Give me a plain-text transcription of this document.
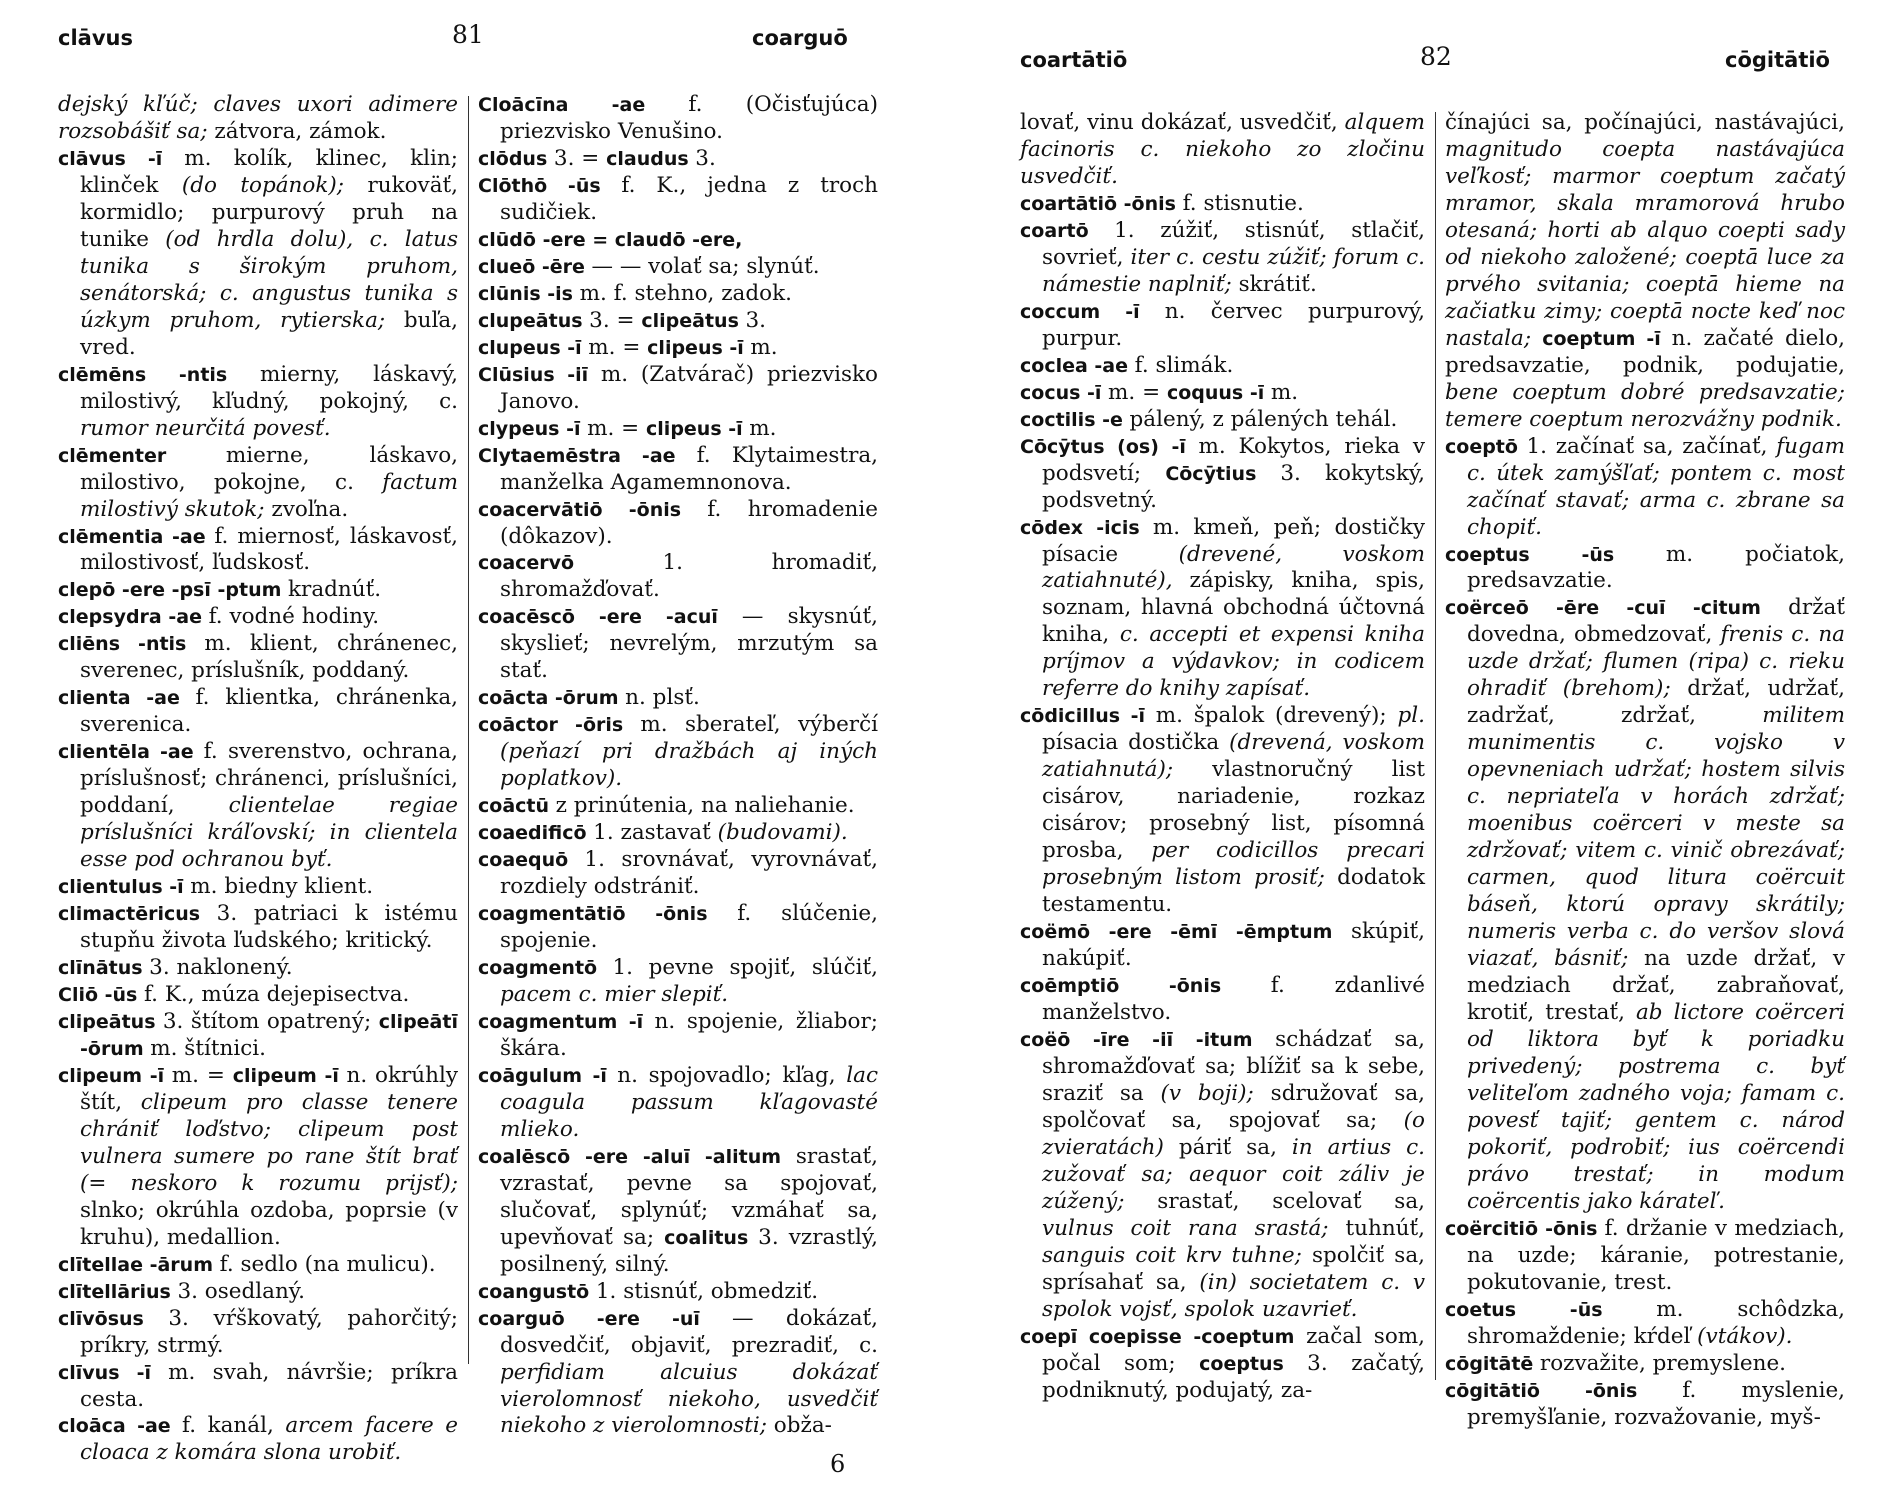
clāvus	81	coarguō

dejský kľúč; claves uxori adimere rozsobášiť sa; zátvora, zámok.

clāvus -ī m. kolík, klinec, klin; klinček (do topánok); rukoväť, kormidlo; purpurový pruh na tunike (od hrdla dolu), c. latus tunika s širokým pruhom, senátorská; c. angustus tunika s úzkym pruhom, rytierska; buľa, vred.

clēmēns -ntis mierny, láskavý, milostivý, kľudný, pokojný, c. rumor neurčitá povesť.

clēmenter mierne, láskavo, milostivo, pokojne, c. factum milostivý skutok; zvoľna.

clēmentia -ae f. miernosť, láskavosť, milostivosť, ľudskosť.

clepō -ere -psī -ptum kradnúť.

clepsydra -ae f. vodné hodiny.

cliēns -ntis m. klient, chránenec, sverenec, príslušník, poddaný.

clienta -ae f. klientka, chránenka, sverenica.

clientēla -ae f. sverenstvo, ochrana, príslušnosť; chránenci, príslušníci, poddaní, clientelae regiae príslušníci kráľovskí; in clientela esse pod ochranou byť.

clientulus -ī m. biedny klient.

climactēricus 3. patriaci k istému stupňu života ľudského; kritický.

clīnātus 3. naklonený.

Cliō -ūs f. K., múza dejepisectva.

clipeātus 3. štítom opatrený; clipeātī -ōrum m. štítnici.

clipeum -ī m. = clipeum -ī n. okrúhly štít, clipeum pro classe tenere chrániť loďstvo; clipeum post vulnera sumere po rane štít brať (= neskoro k rozumu prijsť); slnko; okrúhla ozdoba, poprsie (v kruhu), medallion.

clītellae -ārum f. sedlo (na mulicu).

clītellārius 3. osedlaný.

clīvōsus 3. vŕškovatý, pahorčitý; príkry, strmý.

clīvus -ī m. svah, návršie; príkra cesta.

cloāca -ae f. kanál, arcem facere e cloaca z komára slona urobiť.

Cloācīna -ae f. (Očisťujúca) priezvisko Venušino.

clōdus 3. = claudus 3.

Clōthō -ūs f. K., jedna z troch sudičiek.

clūdō -ere = claudō -ere,

clueō -ēre — — volať sa; slynúť.

clūnis -is m. f. stehno, zadok.

clupeātus 3. = clipeātus 3.

clupeus -ī m. = clipeus -ī m.

Clūsius -iī m. (Zatvárač) priezvisko Janovo.

clypeus -ī m. = clipeus -ī m.

Clytaemēstra -ae f. Klytaimestra, manželka Agamemnonova.

coacervātiō -ōnis f. hromadenie (dôkazov).

coacervō 1. hromadiť, shromažďovať.

coacēscō -ere -acuī — skysnúť, skyslieť; nevrelým, mrzutým sa stať.

coācta -ōrum n. plsť.

coāctor -ōris m. sberateľ, výberčí (peňazí pri dražbách aj iných poplatkov).

coāctū z prinútenia, na naliehanie.

coaedificō 1. zastavať (budovami).

coaequō 1. srovnávať, vyrovnávať, rozdiely odstrániť.

coagmentātiō -ōnis f. slúčenie, spojenie.

coagmentō 1. pevne spojiť, slúčiť, pacem c. mier slepiť.

coagmentum -ī n. spojenie, žliabor; škára.

coāgulum -ī n. spojovadlo; kľag, lac coagula passum kľagovasté mlieko.

coalēscō -ere -aluī -alitum srastať, vzrastať, pevne sa spojovať, slučovať, splynúť; vzmáhať sa, upevňovať sa; coalitus 3. vzrastlý, posilnený, silný.

coangustō 1. stisnúť, obmedziť.

coarguō -ere -uī — dokázať, dosvedčiť, objaviť, prezradiť, c. perfidiam alcuius dokázať vierolomnosť niekoho, usvedčiť niekoho z vierolomnosti; obža-

6
coartātiō	82	cōgitātiō

lovať, vinu dokázať, usvedčiť, alquem facinoris c. niekoho zo zločinu usvedčiť.

coartātiō -ōnis f. stisnutie.

coartō 1. zúžiť, stisnúť, stlačiť, sovrieť, iter c. cestu zúžiť; forum c. námestie naplniť; skrátiť.

coccum -ī n. červec purpurový, purpur.

coclea -ae f. slimák.

cocus -ī m. = coquus -ī m.

coctilis -e pálený, z pálených tehál.

Cōcӯtus (os) -ī m. Kokytos, rieka v podsvetí; Cōcӯtius 3. kokytský, podsvetný.

cōdex -icis m. kmeň, peň; dostičky písacie (drevené, voskom zatiahnuté), zápisky, kniha, spis, soznam, hlavná obchodná účtovná kniha, c. accepti et expensi kniha príjmov a výdavkov; in codicem referre do knihy zapísať.

cōdicillus -ī m. špalok (drevený); pl. písacia dostička (drevená, voskom zatiahnutá); vlastnoručný list cisárov, nariadenie, rozkaz cisárov; prosebný list, písomná prosba, per codicillos precari prosebným listom prosiť; dodatok testamentu.

coëmō -ere -ēmī -ēmptum skúpiť, nakúpiť.

coēmptiō -ōnis f. zdanlivé manželstvo.

coëō -īre -iī -itum schádzať sa, shromažďovať sa; blížiť sa k sebe, sraziť sa (v boji); sdružovať sa, spolčovať sa, spojovať sa; (o zvieratách) páriť sa, in artius c. zužovať sa; aequor coit záliv je zúžený; srastať, scelovať sa, vulnus coit rana srastá; tuhnúť, sanguis coit krv tuhne; spolčiť sa, sprísahať sa, (in) societatem c. v spolok vojsť, spolok uzavrieť.

coepī coepisse -coeptum začal som, počal som; coeptus 3. začatý, podniknutý, podujatý, za-

čínajúci sa, počínajúci, nastávajúci, magnitudo coepta nastávajúca veľkosť; marmor coeptum začatý mramor, skala mramorová hrubo otesaná; horti ab alquo coepti sady od niekoho založené; coeptā luce za prvého svitania; coeptā hieme na začiatku zimy; coeptā nocte keď noc nastala; coeptum -ī n. začaté dielo, predsavzatie, podnik, podujatie, bene coeptum dobré predsavzatie; temere coeptum nerozvážny podnik.

coeptō 1. začínať sa, začínať, fugam c. útek zamýšľať; pontem c. most začínať stavať; arma c. zbrane sa chopiť.

coeptus -ūs m. počiatok, predsavzatie.

coërceō -ēre -cuī -citum držať dovedna, obmedzovať, frenis c. na uzde držať; flumen (ripa) c. rieku ohradiť (brehom); držať, udržať, zadržať, zdržať, militem munimentis c. vojsko v opevneniach udržať; hostem silvis c. nepriateľa v horách zdržať; moenibus coërceri v meste sa zdržovať; vitem c. vinič obrezávať; carmen, quod litura coërcuit báseň, ktorú opravy skrátily; numeris verba c. do veršov slová viazať, básniť; na uzde držať, v medziach držať, zabraňovať, krotiť, trestať, ab lictore coërceri od liktora byť k poriadku privedený; postrema c. byť veliteľom zadného voja; famam c. povesť tajiť; gentem c. národ pokoriť, podrobiť; ius coërcendi právo trestať; in modum coërcentis jako kárateľ.

coërcitiō -ōnis f. držanie v medziach, na uzde; káranie, potrestanie, pokutovanie, trest.

coetus -ūs m. schôdzka, shromaždenie; kŕdeľ (vtákov).

cōgitātē rozvažite, premyslene.

cōgitātiō -ōnis f. myslenie, premyšľanie, rozvažovanie, myš-
